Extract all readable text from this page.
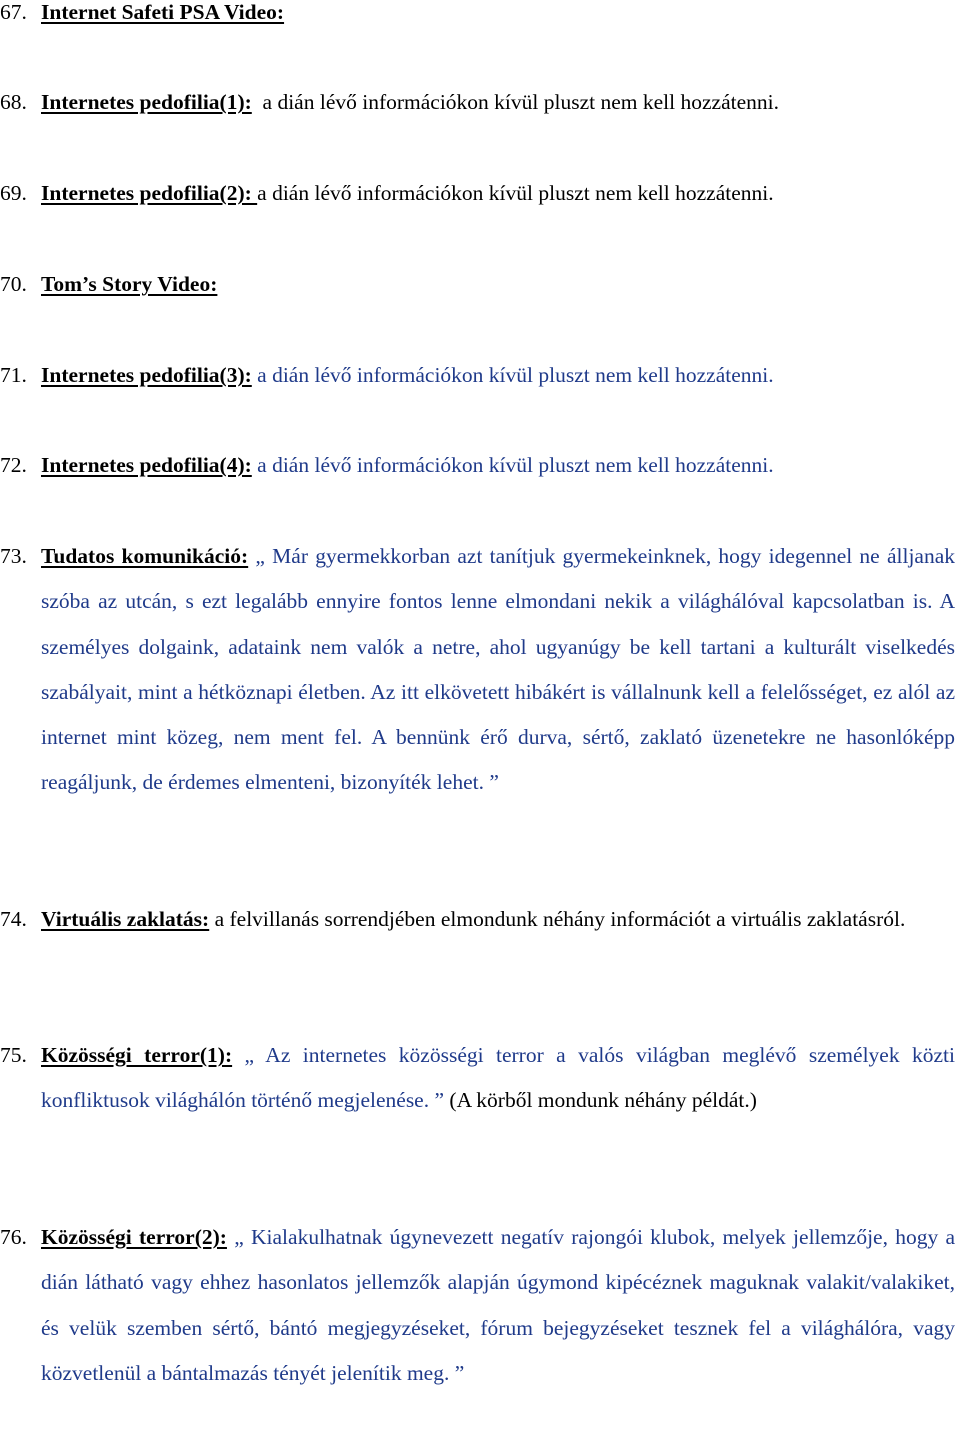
67. Internet Safeti PSA Video:
68. Internetes pedofilia(1): a dián lévő információkon kívül pluszt nem kell hozzátenni.
69. Internetes pedofilia(2): a dián lévő információkon kívül pluszt nem kell hozzátenni.
70. Tom’s Story Video:
71. Internetes pedofilia(3): a dián lévő információkon kívül pluszt nem kell hozzátenni.
72. Internetes pedofilia(4): a dián lévő információkon kívül pluszt nem kell hozzátenni.
73. Tudatos komunikáció: „ Már gyermekkorban azt tanítjuk gyermekeinknek, hogy idegennel ne álljanak szóba az utcán, s ezt legalább ennyire fontos lenne elmondani nekik a világhálóval kapcsolatban is. A személyes dolgaink, adataink nem valók a netre, ahol ugyanúgy be kell tartani a kulturált viselkedés szabályait, mint a hétköznapi életben. Az itt elkövetett hibákért is vállalnunk kell a felelősséget, ez alól az internet mint közeg, nem ment fel. A bennünk érő durva, sértő, zaklató üzenetekre ne hasonlóképp reagáljunk, de érdemes elmenteni, bizonyíték lehet. ”
74. Virtuális zaklatás: a felvillanás sorrendjében elmondunk néhány információt a virtuális zaklatásról.
75. Közösségi terror(1): „ Az internetes közösségi terror a valós világban meglévő személyek közti konfliktusok világhálón történő megjelenése. ” (A körből mondunk néhány példát.)
76. Közösségi terror(2): „ Kialakulhatnak úgynevezett negatív rajongói klubok, melyek jellemzője, hogy a dián látható vagy ehhez hasonlatos jellemzők alapján úgymond kipécéznek maguknak valakit/valakiket, és velük szemben sértő, bántó megjegyzéseket, fórum bejegyzéseket tesznek fel a világhálóra, vagy közvetlenül a bántalmazás tényét jelenítik meg. ”
